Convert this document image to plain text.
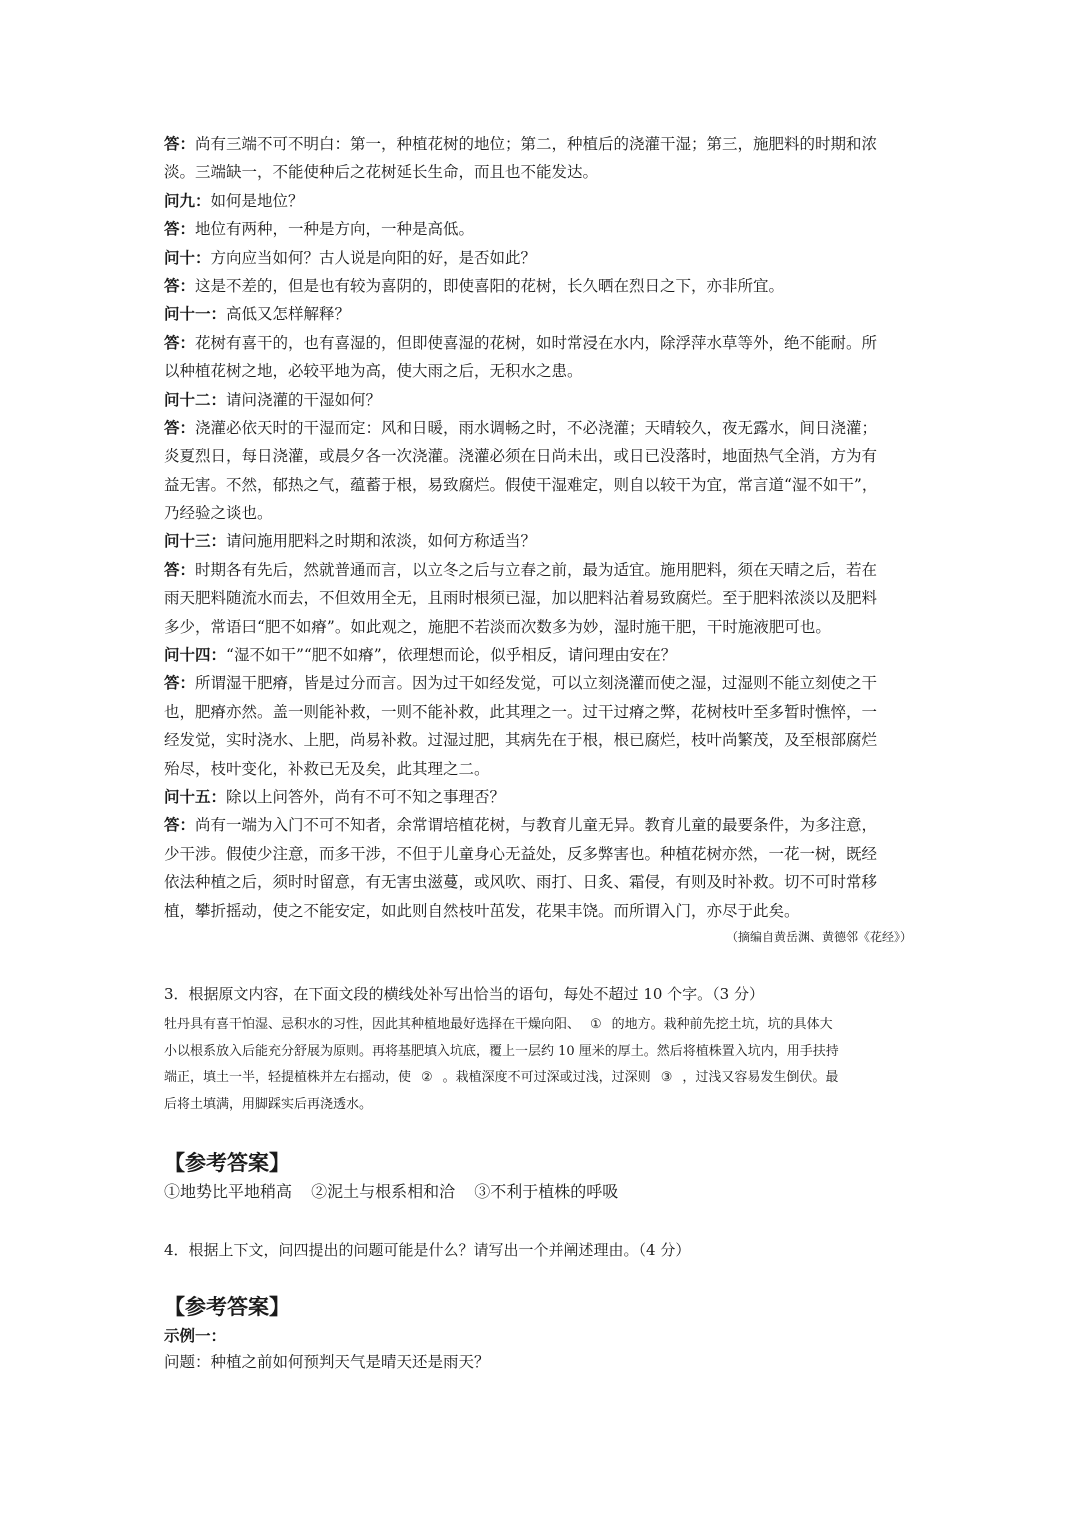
答：尚有三端不可不明白：第一，种植花树的地位；第二，种植后的浇灌干湿；第三，施肥料的时期和浓
淡。三端缺一，不能使种后之花树延长生命，而且也不能发达。
问九：如何是地位？
答：地位有两种，一种是方向，一种是高低。
问十：方向应当如何？古人说是向阳的好，是否如此？
答：这是不差的，但是也有较为喜阴的，即使喜阳的花树，长久晒在烈日之下，亦非所宜。
问十一：高低又怎样解释？
答：花树有喜干的，也有喜湿的，但即使喜湿的花树，如时常浸在水内，除浮萍水草等外，绝不能耐。所
以种植花树之地，必较平地为高，使大雨之后，无积水之患。
问十二：请问浇灌的干湿如何？
答：浇灌必依天时的干湿而定：风和日暖，雨水调畅之时，不必浇灌；天晴较久，夜无露水，间日浇灌；
炎夏烈日，每日浇灌，或晨夕各一次浇灌。浇灌必须在日尚未出，或日已没落时，地面热气全消，方为有
益无害。不然，郁热之气，蕴蓄于根，易致腐烂。假使干湿难定，则自以较干为宜，常言道“湿不如干”，
乃经验之谈也。
问十三：请问施用肥料之时期和浓淡，如何方称适当？
答：时期各有先后，然就普通而言，以立冬之后与立春之前，最为适宜。施用肥料，须在天晴之后，若在
雨天肥料随流水而去，不但效用全无，且雨时根须已湿，加以肥料沾着易致腐烂。至于肥料浓淡以及肥料
多少，常语曰“肥不如瘠”。如此观之，施肥不若淡而次数多为妙，湿时施干肥，干时施液肥可也。
问十四：“湿不如干”“肥不如瘠”，依理想而论，似乎相反，请问理由安在？
答：所谓湿干肥瘠，皆是过分而言。因为过干如经发觉，可以立刻浇灌而使之湿，过湿则不能立刻使之干
也，肥瘠亦然。盖一则能补救，一则不能补救，此其理之一。过干过瘠之弊，花树枝叶至多暂时憔悴，一
经发觉，实时浇水、上肥，尚易补救。过湿过肥，其病先在于根，根已腐烂，枝叶尚繁茂，及至根部腐烂
殆尽，枝叶变化，补救已无及矣，此其理之二。
问十五：除以上问答外，尚有不可不知之事理否？
答：尚有一端为入门不可不知者，余常谓培植花树，与教育儿童无异。教育儿童的最要条件，为多注意，
少干涉。假使少注意，而多干涉，不但于儿童身心无益处，反多弊害也。种植花树亦然，一花一树，既经
依法种植之后，须时时留意，有无害虫滋蔓，或风吹、雨打、日炙、霜侵，有则及时补救。切不可时常移
植，攀折摇动，使之不能安定，如此则自然枝叶茁发，花果丰饶。而所谓入门，亦尽于此矣。
（摘编自黄岳渊、黄德邻《花经》）
3．根据原文内容，在下面文段的横线处补写出恰当的语句，每处不超过 10 个字。（3 分）
牡丹具有喜干怕湿、忌积水的习性，因此其种植地最好选择在干燥向阳、 ① 的地方。栽种前先挖土坑，坑的具体大
小以根系放入后能充分舒展为原则。再将基肥填入坑底，覆上一层约 10 厘米的厚土。然后将植株置入坑内，用手扶持
端正，填土一半，轻提植株并左右摇动，使 ② 。栽植深度不可过深或过浅，过深则 ③ ，过浅又容易发生倒伏。最
后将土填满，用脚踩实后再浇透水。
【参考答案】
①地势比平地稍高 ②泥土与根系相和洽 ③不利于植株的呼吸
4．根据上下文，问四提出的问题可能是什么？请写出一个并阐述理由。（4 分）
【参考答案】
示例一：
问题：种植之前如何预判天气是晴天还是雨天？
